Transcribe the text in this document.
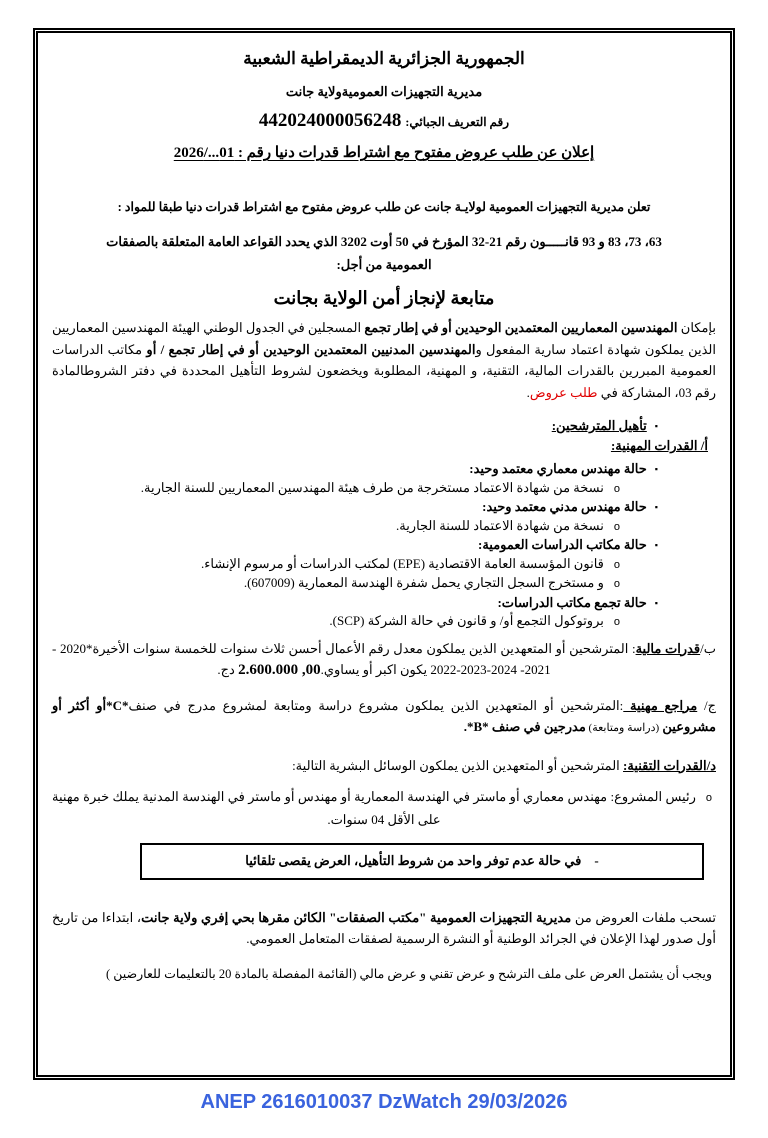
الجمهورية الجزائرية الديمقراطية الشعبية
مديرية التجهيزات العموميةولاية جانت
رقم التعريف الجبائي: 442024000056248
إعلان عن طلب عروض مفتوح مع اشتراط قدرات دنيا رقم : 01.../2026
تعلن مديرية التجهيزات العمومية لولايـة جانت عن طلب عروض مفتوح مع اشتراط قدرات دنيا طبقا للمواد :
63، 73، 83 و 93 قانـــــون رقم 21-32 المؤرخ في 50 أوت 3202 الذي يحدد القواعد العامة المتعلقة بالصفقات
العمومية من أجل:
متابعة لإنجاز أمن الولاية بجانت
بإمكان المهندسين المعماريين المعتمدين الوحيدين أو في إطار تجمع المسجلين في الجدول الوطني الهيئة المهندسين المعماريين الذين يملكون شهادة اعتماد سارية المفعول والمهندسين المدنيين المعتمدين الوحيدين أو في إطار تجمع / أو مكاتب الدراسات العمومية المبررين بالقدرات المالية، التقنية، و المهنية، المطلوبة ويخضعون لشروط التأهيل المحددة في دفتر الشروطالمادة رقم 03، المشاركة في طلب عروض.
▪تأهيل المترشحين:
أ/ القدرات المهنية:
▪حالة مهندس معماري معتمد وحيد:
oنسخة من شهادة الاعتماد مستخرجة من طرف هيئة المهندسين المعماريين للسنة الجارية.
▪حالة مهندس مدني معتمد وحيد:
oنسخة من شهادة الاعتماد للسنة الجارية.
▪حالة مكاتب الدراسات العمومية:
oقانون المؤسسة العامة الاقتصادية (EPE) لمكتب الدراسات أو مرسوم الإنشاء.
oو مستخرج السجل التجاري يحمل شفرة الهندسة المعمارية (607009).
▪حالة تجمع مكاتب الدراسات:
oبروتوكول التجمع أو/ و قانون في حالة الشركة (SCP).
ب/قدرات مالية: المترشحين أو المتعهدين الذين يملكون معدل رقم الأعمال أحسن ثلاث سنوات للخمسة سنوات الأخيرة*2020 -
2021- 2022-2023-2024 يكون اكبر أو يساوي.00, 2.600.000 دج.
ج/ مراجع مهنية :المترشحين أو المتعهدين الذين يملكون مشروع دراسة ومتابعة لمشروع مدرج في صنف*C*أو أكثر أو مشروعين (دراسة ومتابعة) مدرجين في صنف *B*.
د/القدرات التقنية: المترشحين أو المتعهدين الذين يملكون الوسائل البشرية التالية:
oرئيس المشروع: مهندس معماري أو ماستر في الهندسة المعمارية أو مهندس أو ماستر في الهندسة المدنية يملك خبرة مهنية
على الأقل 04 سنوات.
-    في حالة عدم توفر واحد من شروط التأهيل، العرض يقصى تلقائيا
تسحب ملفات العروض من مديرية التجهيزات العمومية "مكتب الصفقات" الكائن مقرها بحي إفري ولاية جانت، ابتداءا من تاريخ أول صدور لهذا الإعلان في الجرائد الوطنية أو النشرة الرسمية لصفقات المتعامل العمومي.
ويجب أن يشتمل العرض على ملف الترشح و عرض تقني و عرض مالي (القائمة المفصلة بالمادة 20 بالتعليمات للعارضين )
ANEP 2616010037 DzWatch 29/03/2026
